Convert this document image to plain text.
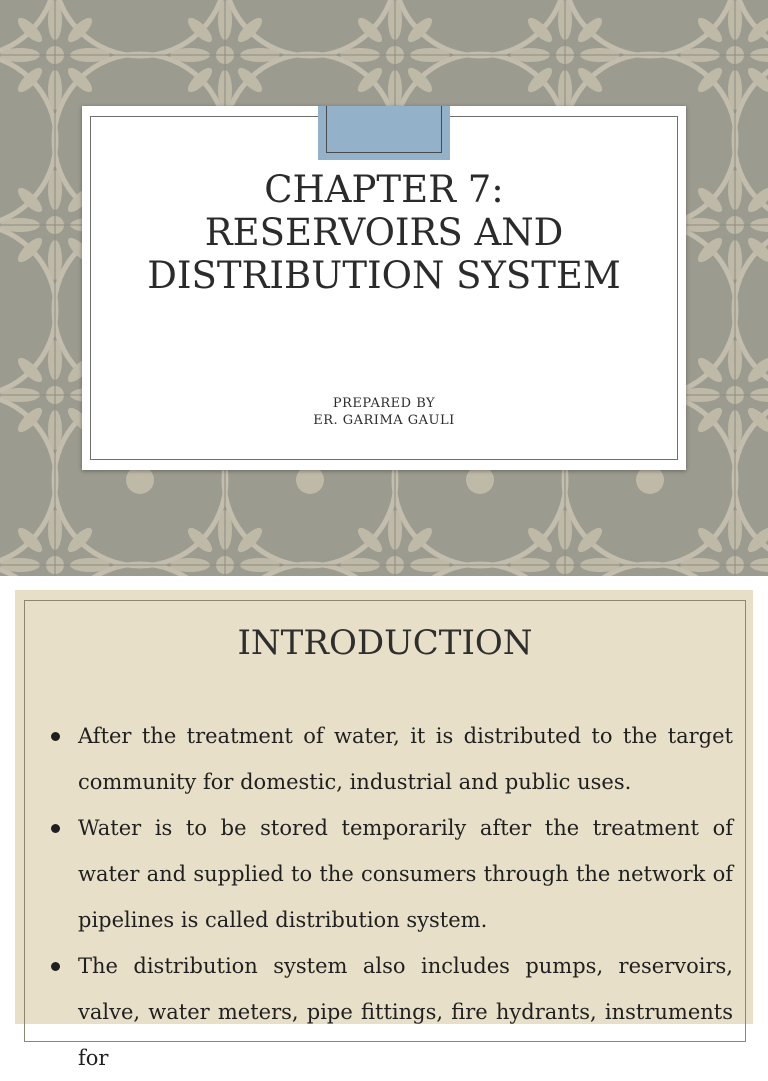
CHAPTER 7:
RESERVOIRS AND
DISTRIBUTION SYSTEM
PREPARED BY
ER. GARIMA GAULI
INTRODUCTION
After the treatment of water, it is distributed to the target community for domestic, industrial and public uses.
Water is to be stored temporarily after the treatment of water and supplied to the consumers through the network of pipelines is called distribution system.
The distribution system also includes pumps, reservoirs, valve, water meters, pipe fittings, fire hydrants, instruments for
